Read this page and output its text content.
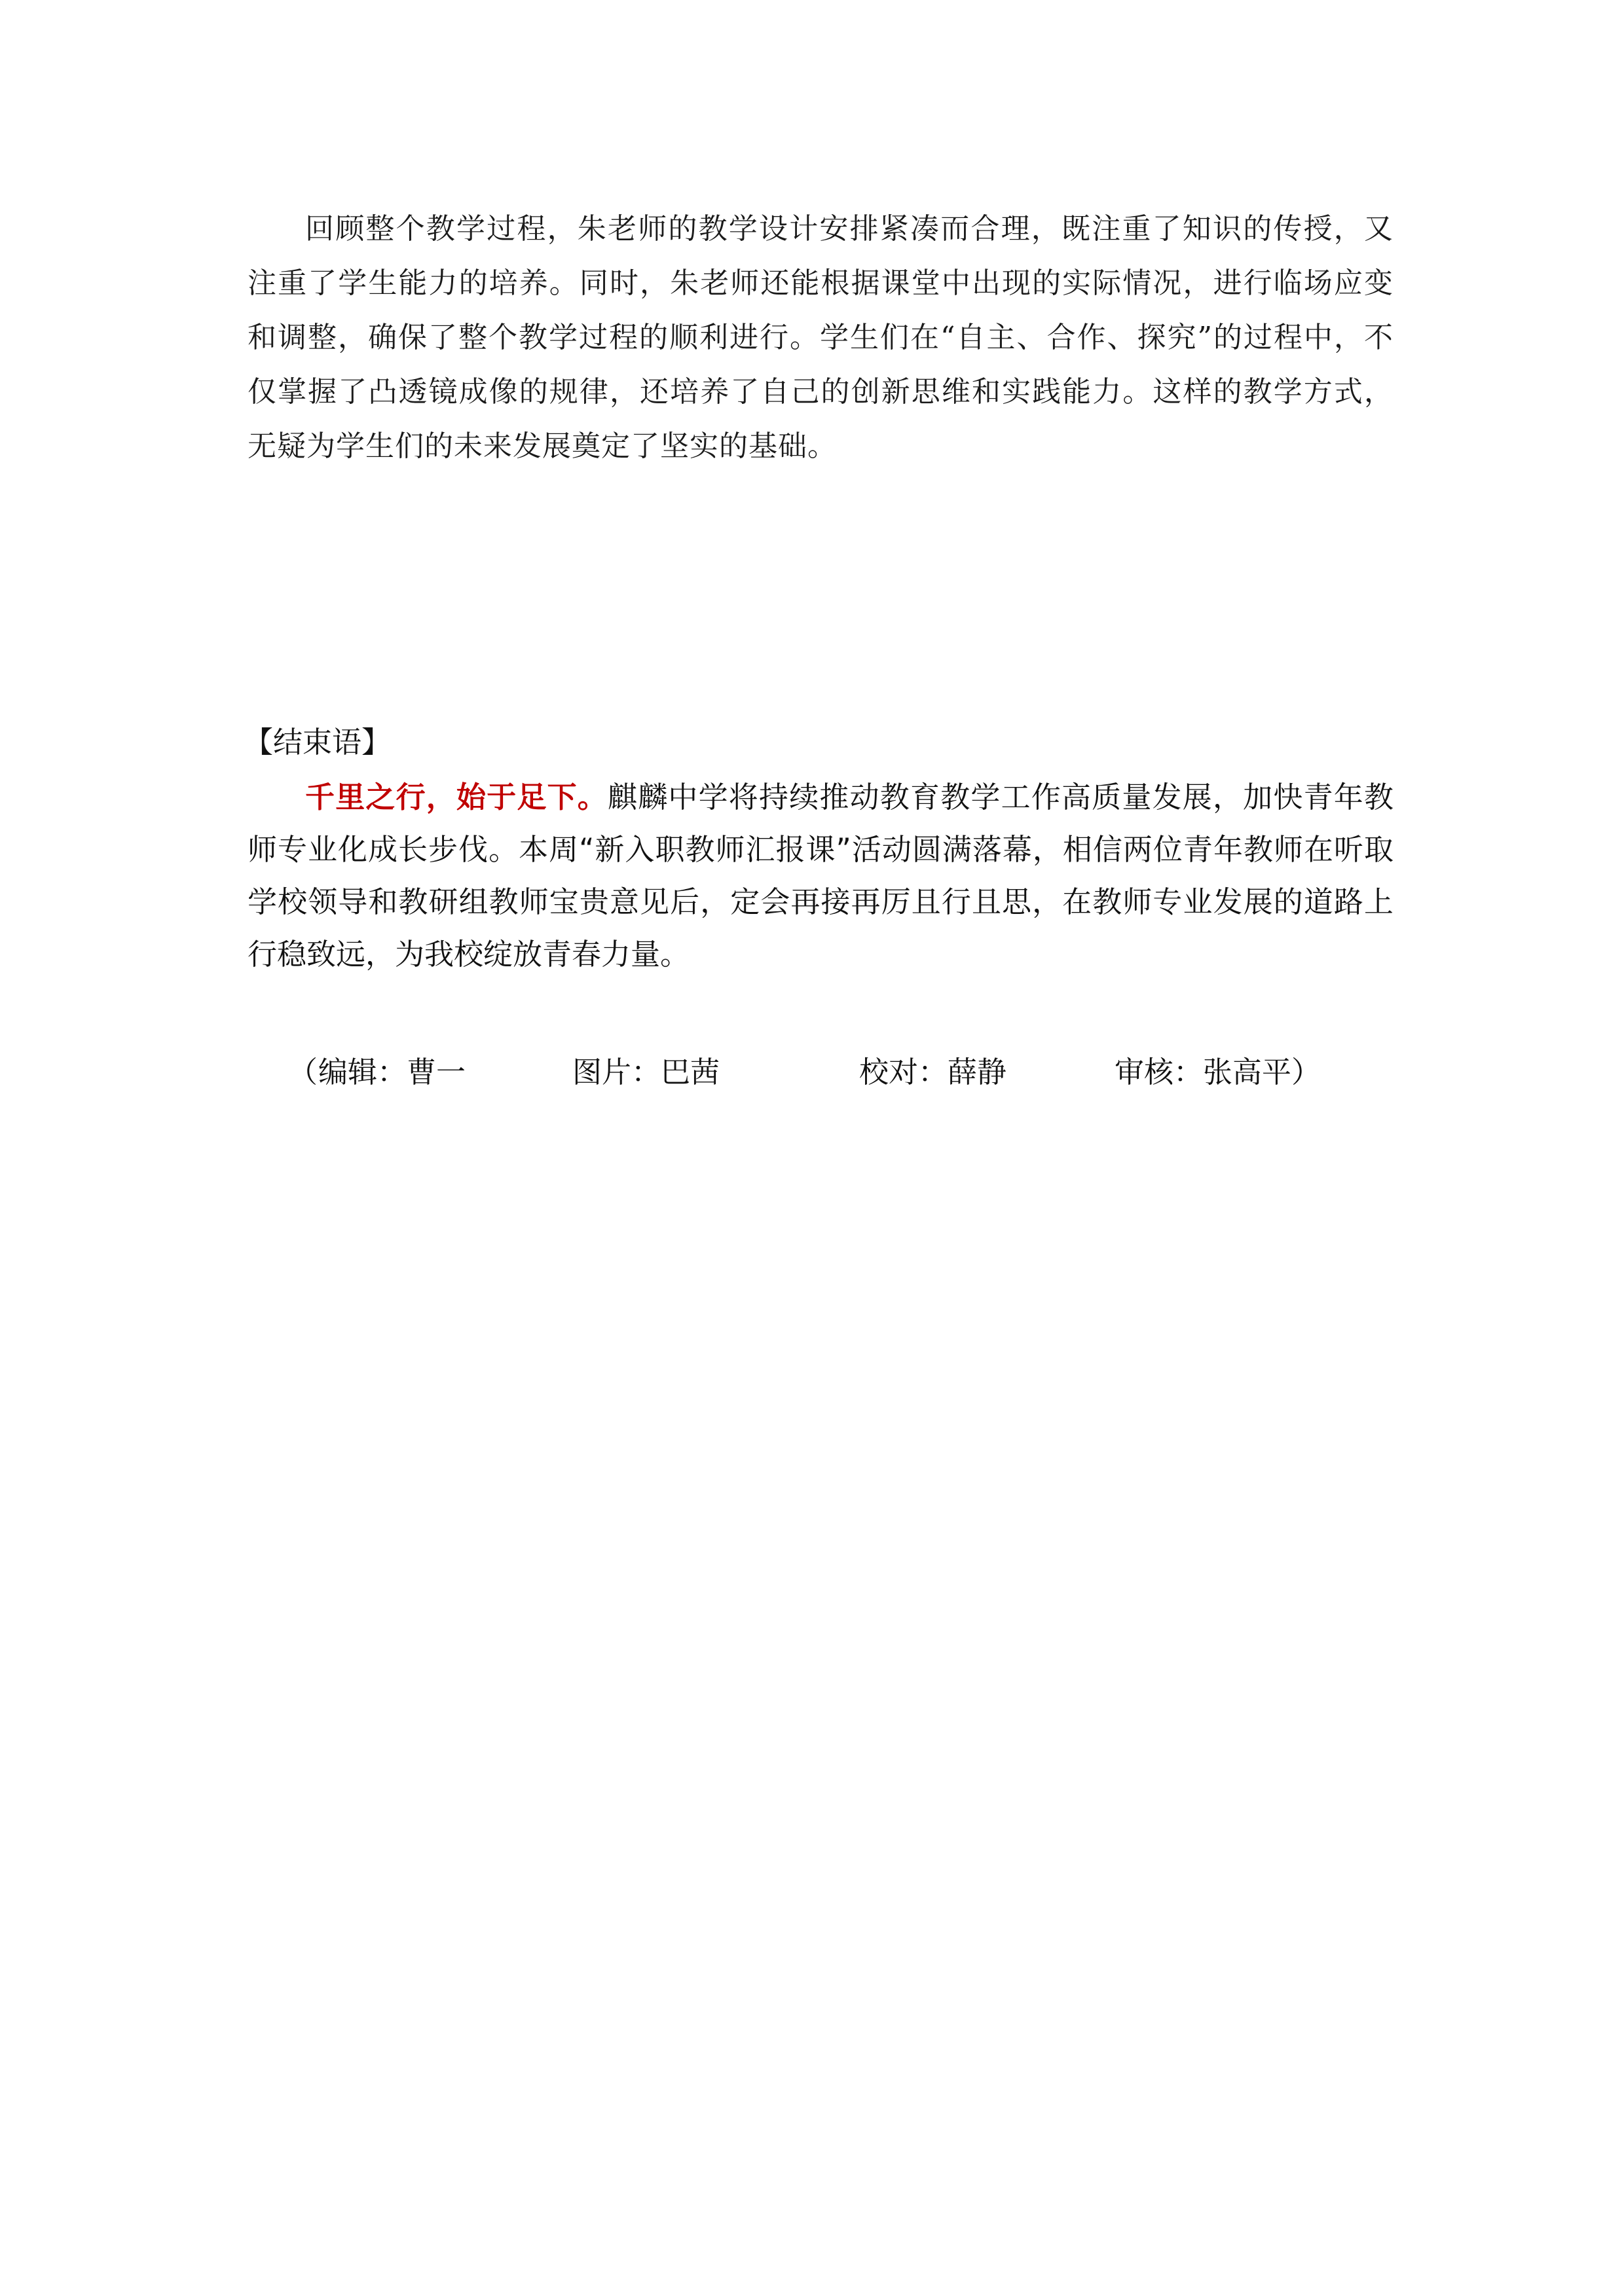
回顾整个教学过程，朱老师的教学设计安排紧凑而合理，既注重了知识的传授，又注重了学生能力的培养。同时，朱老师还能根据课堂中出现的实际情况，进行临场应变和调整，确保了整个教学过程的顺利进行。学生们在“自主、合作、探究”的过程中，不仅掌握了凸透镜成像的规律，还培养了自己的创新思维和实践能力。这样的教学方式，无疑为学生们的未来发展奠定了坚实的基础。

【结束语】

千里之行，始于足下。麒麟中学将持续推动教育教学工作高质量发展，加快青年教师专业化成长步伐。本周“新入职教师汇报课”活动圆满落幕，相信两位青年教师在听取学校领导和教研组教师宝贵意见后，定会再接再厉且行且思，在教师专业发展的道路上行稳致远，为我校绽放青春力量。

（ 编辑：曹一	图片：巴茜	校对：薛静	审核：张高平）
